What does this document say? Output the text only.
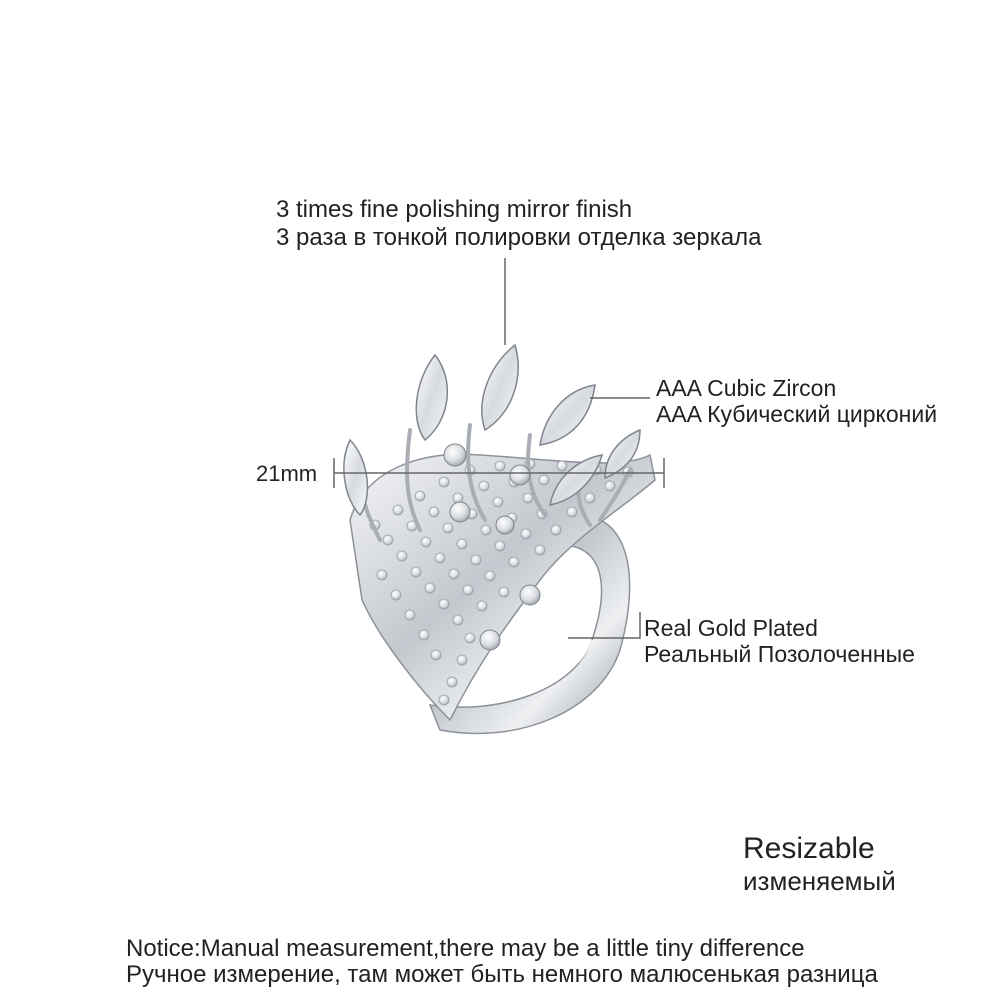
3 times fine polishing mirror finish
3 раза в тонкой полировки отделка зеркала
AAA Cubic Zircon
AAA Кубический цирконий
Real Gold Plated
Реальный Позолоченные
21mm
Resizable
изменяемый
Notice:Manual measurement,there may be a little tiny difference
Ручное измерение, там может быть немного малюсенькая разница
